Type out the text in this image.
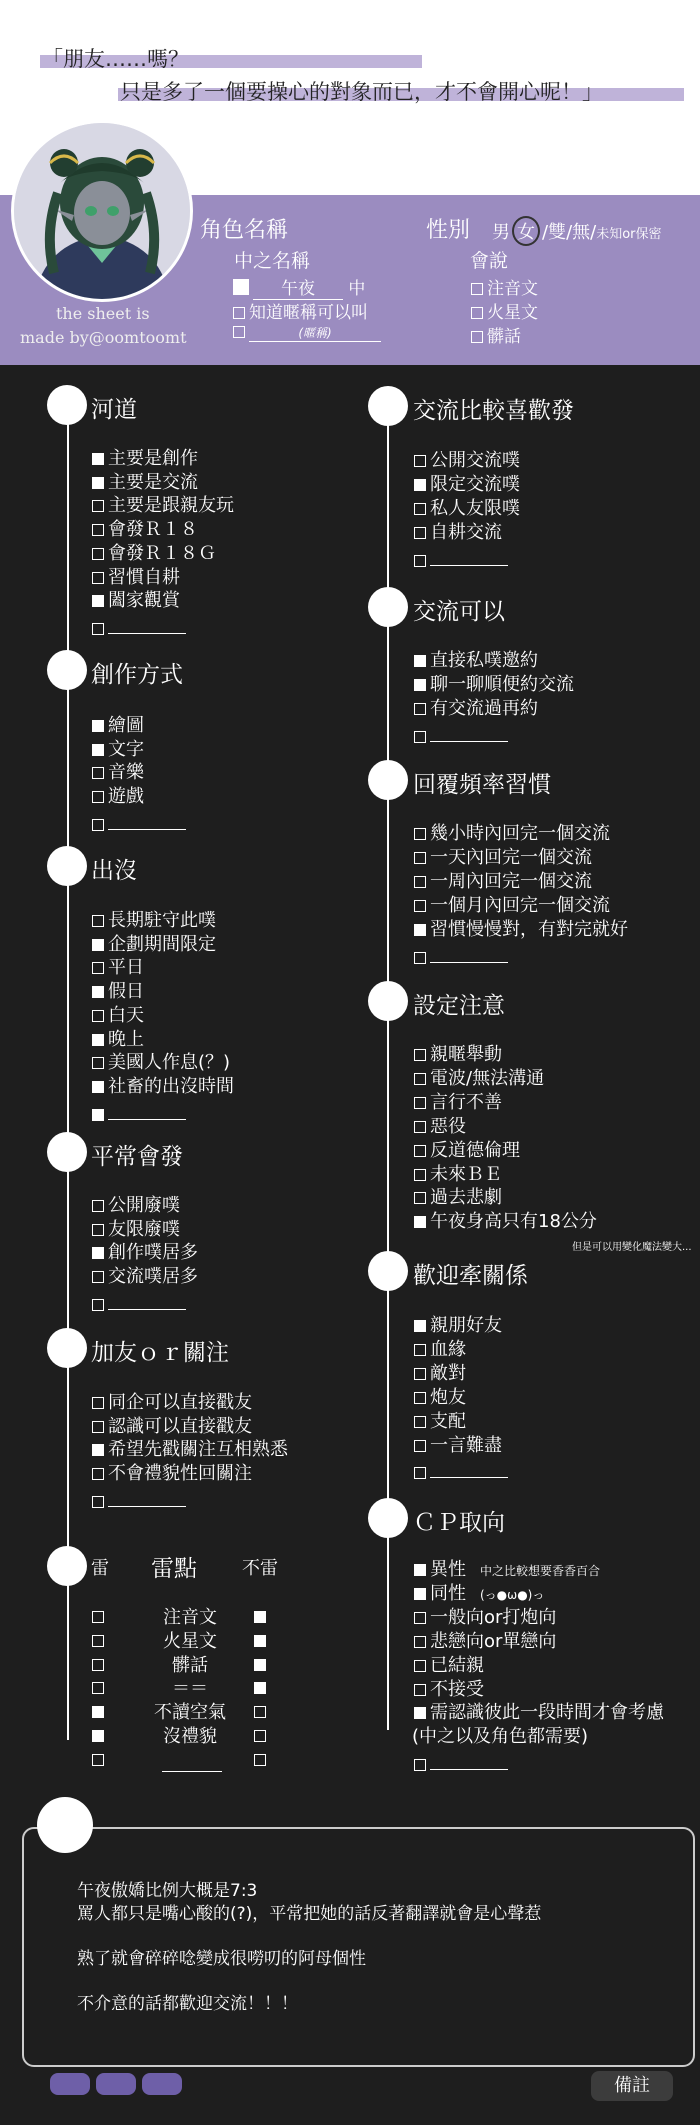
「朋友……嗎？
只是多了一個要操心的對象而已，才不會開心呢！」
the sheet is
made by@oomtoomt
角色名稱	性別 男 女 /雙/無/未知or保密
中之名稱
午夜 中
知道暱稱可以叫
(暱稱)
會說
備註
注音文
火星文
髒話
河道
主要是創作
主要是交流
主要是跟親友玩
會發Ｒ１８
會發Ｒ１８Ｇ
習慣自耕
闔家觀賞
創作方式
繪圖
文字
音樂
遊戲
出沒
長期駐守此噗
企劃期間限定
平日
假日
白天
晚上
美國人作息(？)
社畜的出沒時間
平常會發
公開廢噗
友限廢噗
創作噗居多
交流噗居多
加友ｏｒ關注
同企可以直接戳友
認識可以直接戳友
希望先戳關注互相熟悉
不會禮貌性回關注
雷 雷點	不雷
注音文
火星文
髒話
＝＝
不讀空氣
沒禮貌
交流比較喜歡發
公開交流噗
限定交流噗
私人友限噗
自耕交流
交流可以
直接私噗邀約
聊一聊順便約交流
有交流過再約
回覆頻率習慣
幾小時內回完一個交流
一天內回完一個交流
一周內回完一個交流
一個月內回完一個交流
習慣慢慢對，有對完就好
設定注意
親暱舉動
電波/無法溝通
言行不善
惡役
反道德倫理
未來ＢＥ
過去悲劇
午夜身高只有18公分
但是可以用變化魔法變大...
歡迎牽關係
親朋好友
血緣
敵對
炮友
支配
一言難盡
ＣＰ取向
異性 中之比較想要香香百合
同性 (っ●ω●)っ
一般向or打炮向
悲戀向or單戀向
已結親
不接受
需認識彼此一段時間才會考慮
(中之以及角色都需要)
午夜傲嬌比例大概是7:3
罵人都只是嘴心酸的(?)，平常把她的話反著翻譯就會是心聲惹
熟了就會碎碎唸變成很嘮叨的阿母個性
不介意的話都歡迎交流！！！
